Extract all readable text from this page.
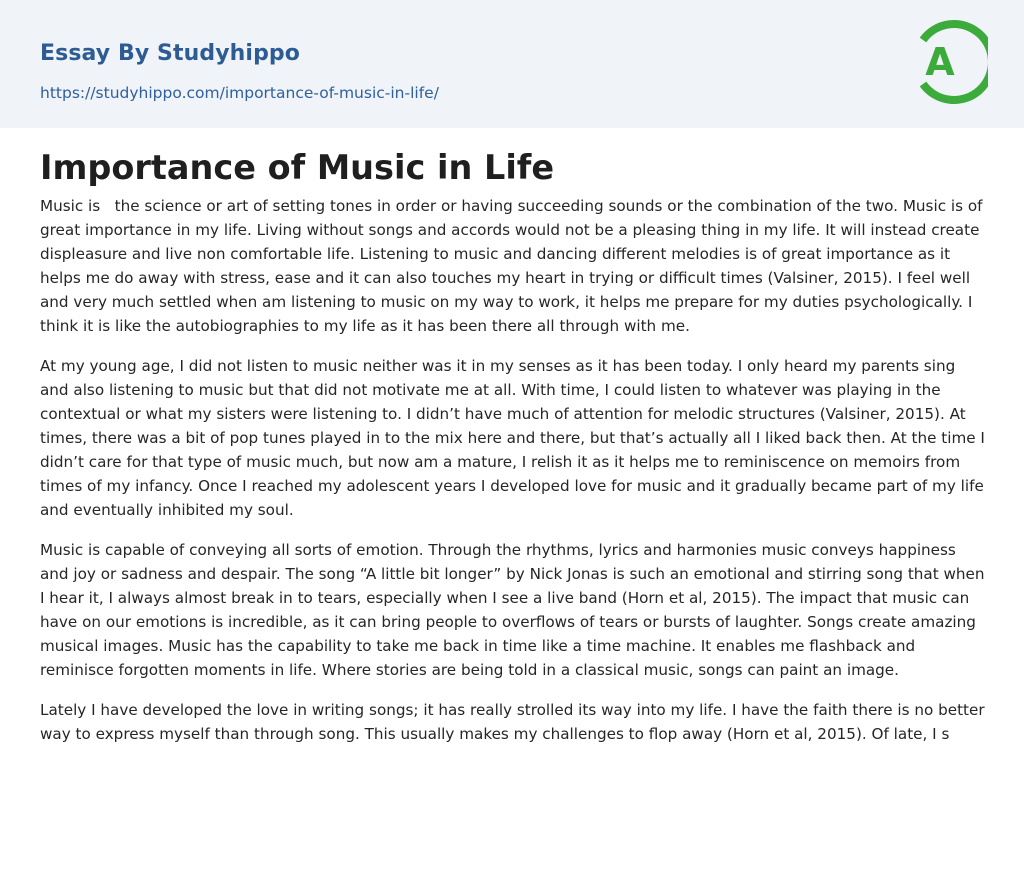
Essay By Studyhippo
https://studyhippo.com/importance-of-music-in-life/
A
Importance of Music in Life

Music is   the science or art of setting tones in order or having succeeding sounds or the combination of the two. Music is of great importance in my life. Living without songs and accords would not be a pleasing thing in my life. It will instead create displeasure and live non comfortable life. Listening to music and dancing different melodies is of great importance as it helps me do away with stress, ease and it can also touches my heart in trying or difficult times (Valsiner, 2015). I feel well and very much settled when am listening to music on my way to work, it helps me prepare for my duties psychologically. I think it is like the autobiographies to my life as it has been there all through with me.

At my young age, I did not listen to music neither was it in my senses as it has been today. I only heard my parents sing and also listening to music but that did not motivate me at all. With time, I could listen to whatever was playing in the contextual or what my sisters were listening to. I didn’t have much of attention for melodic structures (Valsiner, 2015). At times, there was a bit of pop tunes played in to the mix here and there, but that’s actually all I liked back then. At the time I didn’t care for that type of music much, but now am a mature, I relish it as it helps me to reminiscence on memoirs from times of my infancy. Once I reached my adolescent years I developed love for music and it gradually became part of my life and eventually inhibited my soul.

Music is capable of conveying all sorts of emotion. Through the rhythms, lyrics and harmonies music conveys happiness and joy or sadness and despair. The song “A little bit longer” by Nick Jonas is such an emotional and stirring song that when I hear it, I always almost break in to tears, especially when I see a live band (Horn et al, 2015). The impact that music can have on our emotions is incredible, as it can bring people to overflows of tears or bursts of laughter. Songs create amazing musical images. Music has the capability to take me back in time like a time machine. It enables me flashback and reminisce forgotten moments in life. Where stories are being told in a classical music, songs can paint an image.

Lately I have developed the love in writing songs; it has really strolled its way into my life. I have the faith there is no better way to express myself than through song. This usually makes my challenges to flop away (Horn et al, 2015). Of late, I s
